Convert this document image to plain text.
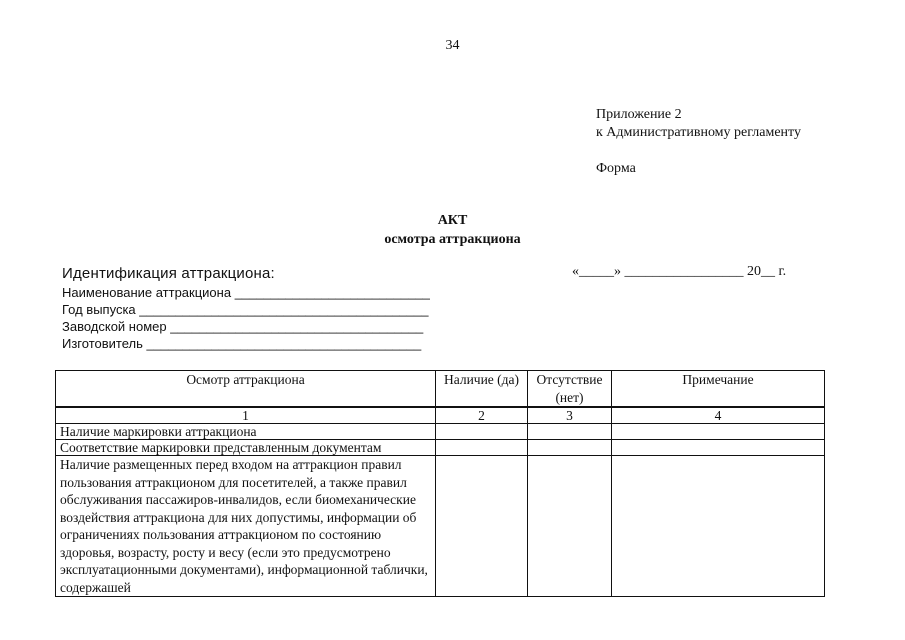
34
Приложение 2
к Административному регламенту
Форма
АКТ
осмотра аттракциона
Идентификация аттракциона:
Наименование аттракциона ___________________________
Год выпуска ________________________________________
Заводской номер ___________________________________
Изготовитель ______________________________________
«_____» _________________ 20__ г.
Осмотр аттракциона	Наличие (да)	Отсутствие (нет)	Примечание
1	2	3	4
Наличие маркировки аттракциона			
Соответствие маркировки представленным документам			
Наличие размещенных перед входом на аттракцион правил пользования аттракционом для посетителей, а также правил обслуживания пассажиров-инвалидов, если биомеханические воздействия аттракциона для них допустимы, информации об ограничениях пользования аттракционом по состоянию здоровья, возрасту, росту и весу (если это предусмотрено эксплуатационными документами), информационной таблички, содержашей			
